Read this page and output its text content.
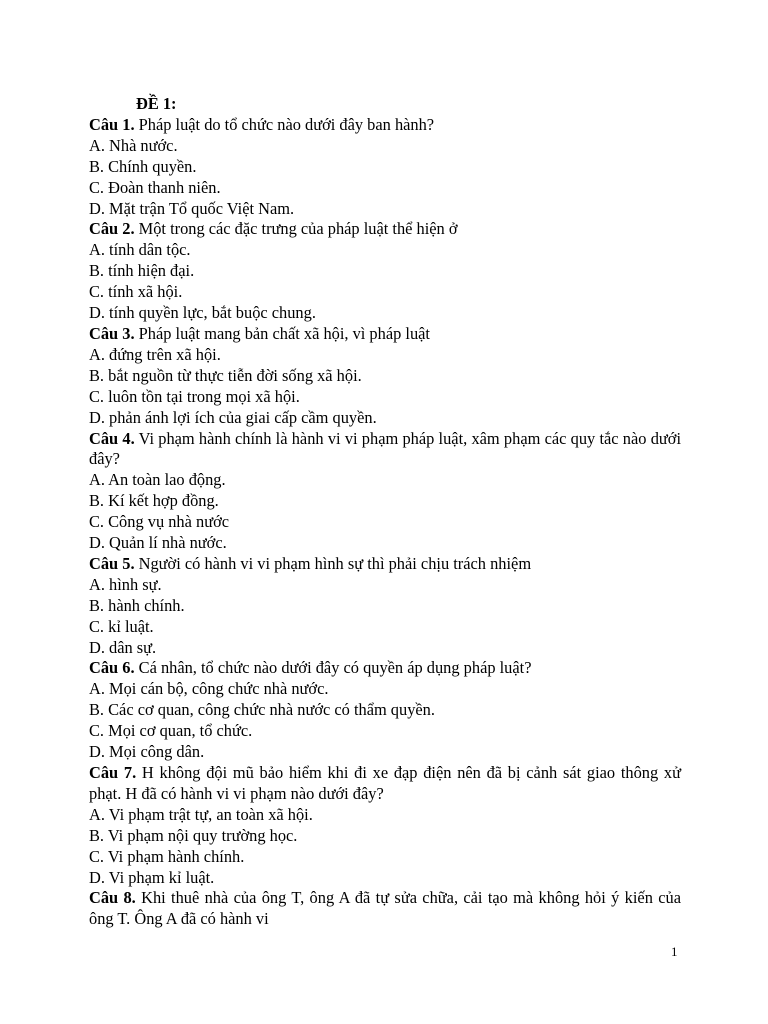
ĐỀ 1:
Câu 1. Pháp luật do tổ chức nào dưới đây ban hành?
A. Nhà nước.
B. Chính quyền.
C. Đoàn thanh niên.
D. Mặt trận Tổ quốc Việt Nam.
Câu 2. Một trong các đặc trưng của pháp luật thể hiện ở
A. tính dân tộc.
B. tính hiện đại.
C. tính xã hội.
D. tính quyền lực, bắt buộc chung.
Câu 3. Pháp luật mang bản chất xã hội, vì pháp luật
A. đứng trên xã hội.
B. bắt nguồn từ thực tiễn đời sống xã hội.
C. luôn tồn tại trong mọi xã hội.
D. phản ánh lợi ích của giai cấp cầm quyền.
Câu 4. Vi phạm hành chính là hành vi vi phạm pháp luật, xâm phạm các quy tắc nào dưới đây?
A. An toàn lao động.
B. Kí kết hợp đồng.
C. Công vụ nhà nước
D. Quản lí nhà nước.
Câu 5. Người có hành vi vi phạm hình sự thì phải chịu trách nhiệm
A. hình sự.
B. hành chính.
C. kỉ luật.
D. dân sự.
Câu 6. Cá nhân, tổ chức nào dưới đây có quyền áp dụng pháp luật?
A. Mọi cán bộ, công chức nhà nước.
B. Các cơ quan, công chức nhà nước có thẩm quyền.
C. Mọi cơ quan, tổ chức.
D. Mọi công dân.
Câu 7. H không đội mũ bảo hiểm khi đi xe đạp điện nên đã bị cảnh sát giao thông xử phạt. H đã có hành vi vi phạm nào dưới đây?
A. Vi phạm trật tự, an toàn xã hội.
B. Vi phạm nội quy trường học.
C. Vi phạm hành chính.
D. Vi phạm kỉ luật.
Câu 8. Khi thuê nhà của ông T, ông A đã tự sửa chữa, cải tạo mà không hỏi ý kiến của ông T. Ông A đã có hành vi
1
